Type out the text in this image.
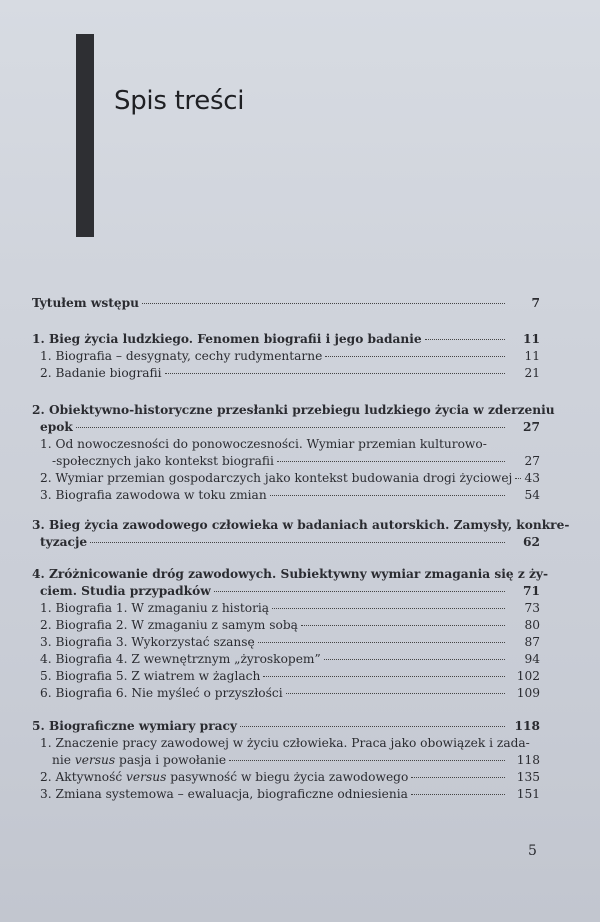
Spis treści
Tytułem wstępu	7
1. Bieg życia ludzkiego. Fenomen biografii i jego badanie	11
1. Biografia – desygnaty, cechy rudymentarne	11
2. Badanie biografii	21
2. Obiektywno-historyczne przesłanki przebiegu ludzkiego życia w zderzeniu
epok	27
1. Od nowoczesności do ponowoczesności. Wymiar przemian kulturowo-
-społecznych jako kontekst biografii	27
2. Wymiar przemian gospodarczych jako kontekst budowania drogi życiowej 43
3. Biografia zawodowa w toku zmian	54
3. Bieg życia zawodowego człowieka w badaniach autorskich. Zamysły, konkre-
tyzacje	62
4. Zróżnicowanie dróg zawodowych. Subiektywny wymiar zmagania się z ży-
ciem. Studia przypadków	71
1. Biografia 1. W zmaganiu z historią	73
2. Biografia 2. W zmaganiu z samym sobą	80
3. Biografia 3. Wykorzystać szansę	87
4. Biografia 4. Z wewnętrznym „żyroskopem”	94
5. Biografia 5. Z wiatrem w żaglach	102
6. Biografia 6. Nie myśleć o przyszłości	109
5. Biograficzne wymiary pracy	118
1. Znaczenie pracy zawodowej w życiu człowieka. Praca jako obowiązek i zada-
nie versus pasja i powołanie	118
2. Aktywność versus pasywność w biegu życia zawodowego	135
3. Zmiana systemowa – ewaluacja, biograficzne odniesienia	151
5
